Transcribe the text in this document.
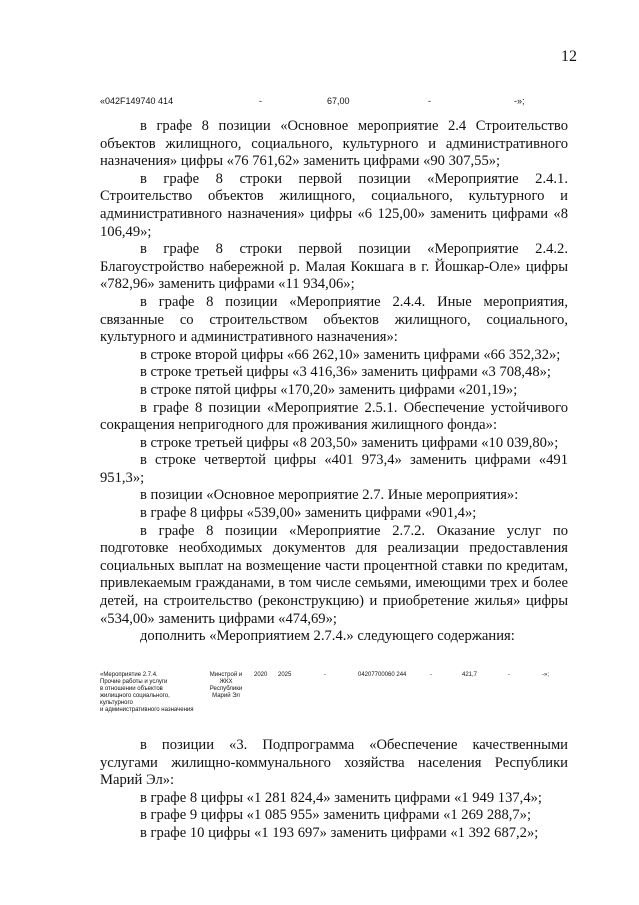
12
«042F149740 414	-	67,00	-	-»;

в графе 8 позиции «Основное мероприятие 2.4 Строительство объектов жилищного, социального, культурного и административного назначения» цифры «76 761,62» заменить цифрами «90 307,55»;

в графе 8 строки первой позиции «Мероприятие 2.4.1. Строительство объектов жилищного, социального, культурного и административного назначения» цифры «6 125,00» заменить цифрами «8 106,49»;

в графе 8 строки первой позиции «Мероприятие 2.4.2. Благоустройство набережной р. Малая Кокшага в г. Йошкар-Оле» цифры «782,96» заменить цифрами «11 934,06»;

в графе 8 позиции «Мероприятие 2.4.4. Иные мероприятия, связанные со строительством объектов жилищного, социального, культурного и административного назначения»:

в строке второй цифры «66 262,10» заменить цифрами «66 352,32»;

в строке третьей цифры «3 416,36» заменить цифрами «3 708,48»;

в строке пятой цифры «170,20» заменить цифрами «201,19»;

в графе 8 позиции «Мероприятие 2.5.1. Обеспечение устойчивого сокращения непригодного для проживания жилищного фонда»:

в строке третьей цифры «8 203,50» заменить цифрами «10 039,80»;

в строке четвертой цифры «401 973,4» заменить цифрами «491 951,3»;

в позиции «Основное мероприятие 2.7. Иные мероприятия»:

в графе 8 цифры «539,00» заменить цифрами «901,4»;

в графе 8 позиции «Мероприятие 2.7.2. Оказание услуг по подготовке необходимых документов для реализации предоставления социальных выплат на возмещение части процентной ставки по кредитам, привлекаемым гражданами, в том числе семьями, имеющими трех и более детей, на строительство (реконструкцию) и приобретение жилья» цифры «534,00» заменить цифрами «474,69»;

дополнить «Мероприятием 2.7.4.» следующего содержания:

«Мероприятие 2.7.4.
Прочие работы и услуги
в отношении объектов
жилищного социального,
культурного
и административного назначения
Минстрой и
ЖКХ
Республики
Марий Эл
2020 2025	-	04207700060 244	-	421,7	-	-»;

в позиции «3. Подпрограмма «Обеспечение качественными услугами жилищно-коммунального хозяйства населения Республики Марий Эл»:

в графе 8 цифры «1 281 824,4» заменить цифрами «1 949 137,4»;

в графе 9 цифры «1 085 955» заменить цифрами «1 269 288,7»;

в графе 10 цифры «1 193 697» заменить цифрами «1 392 687,2»;
